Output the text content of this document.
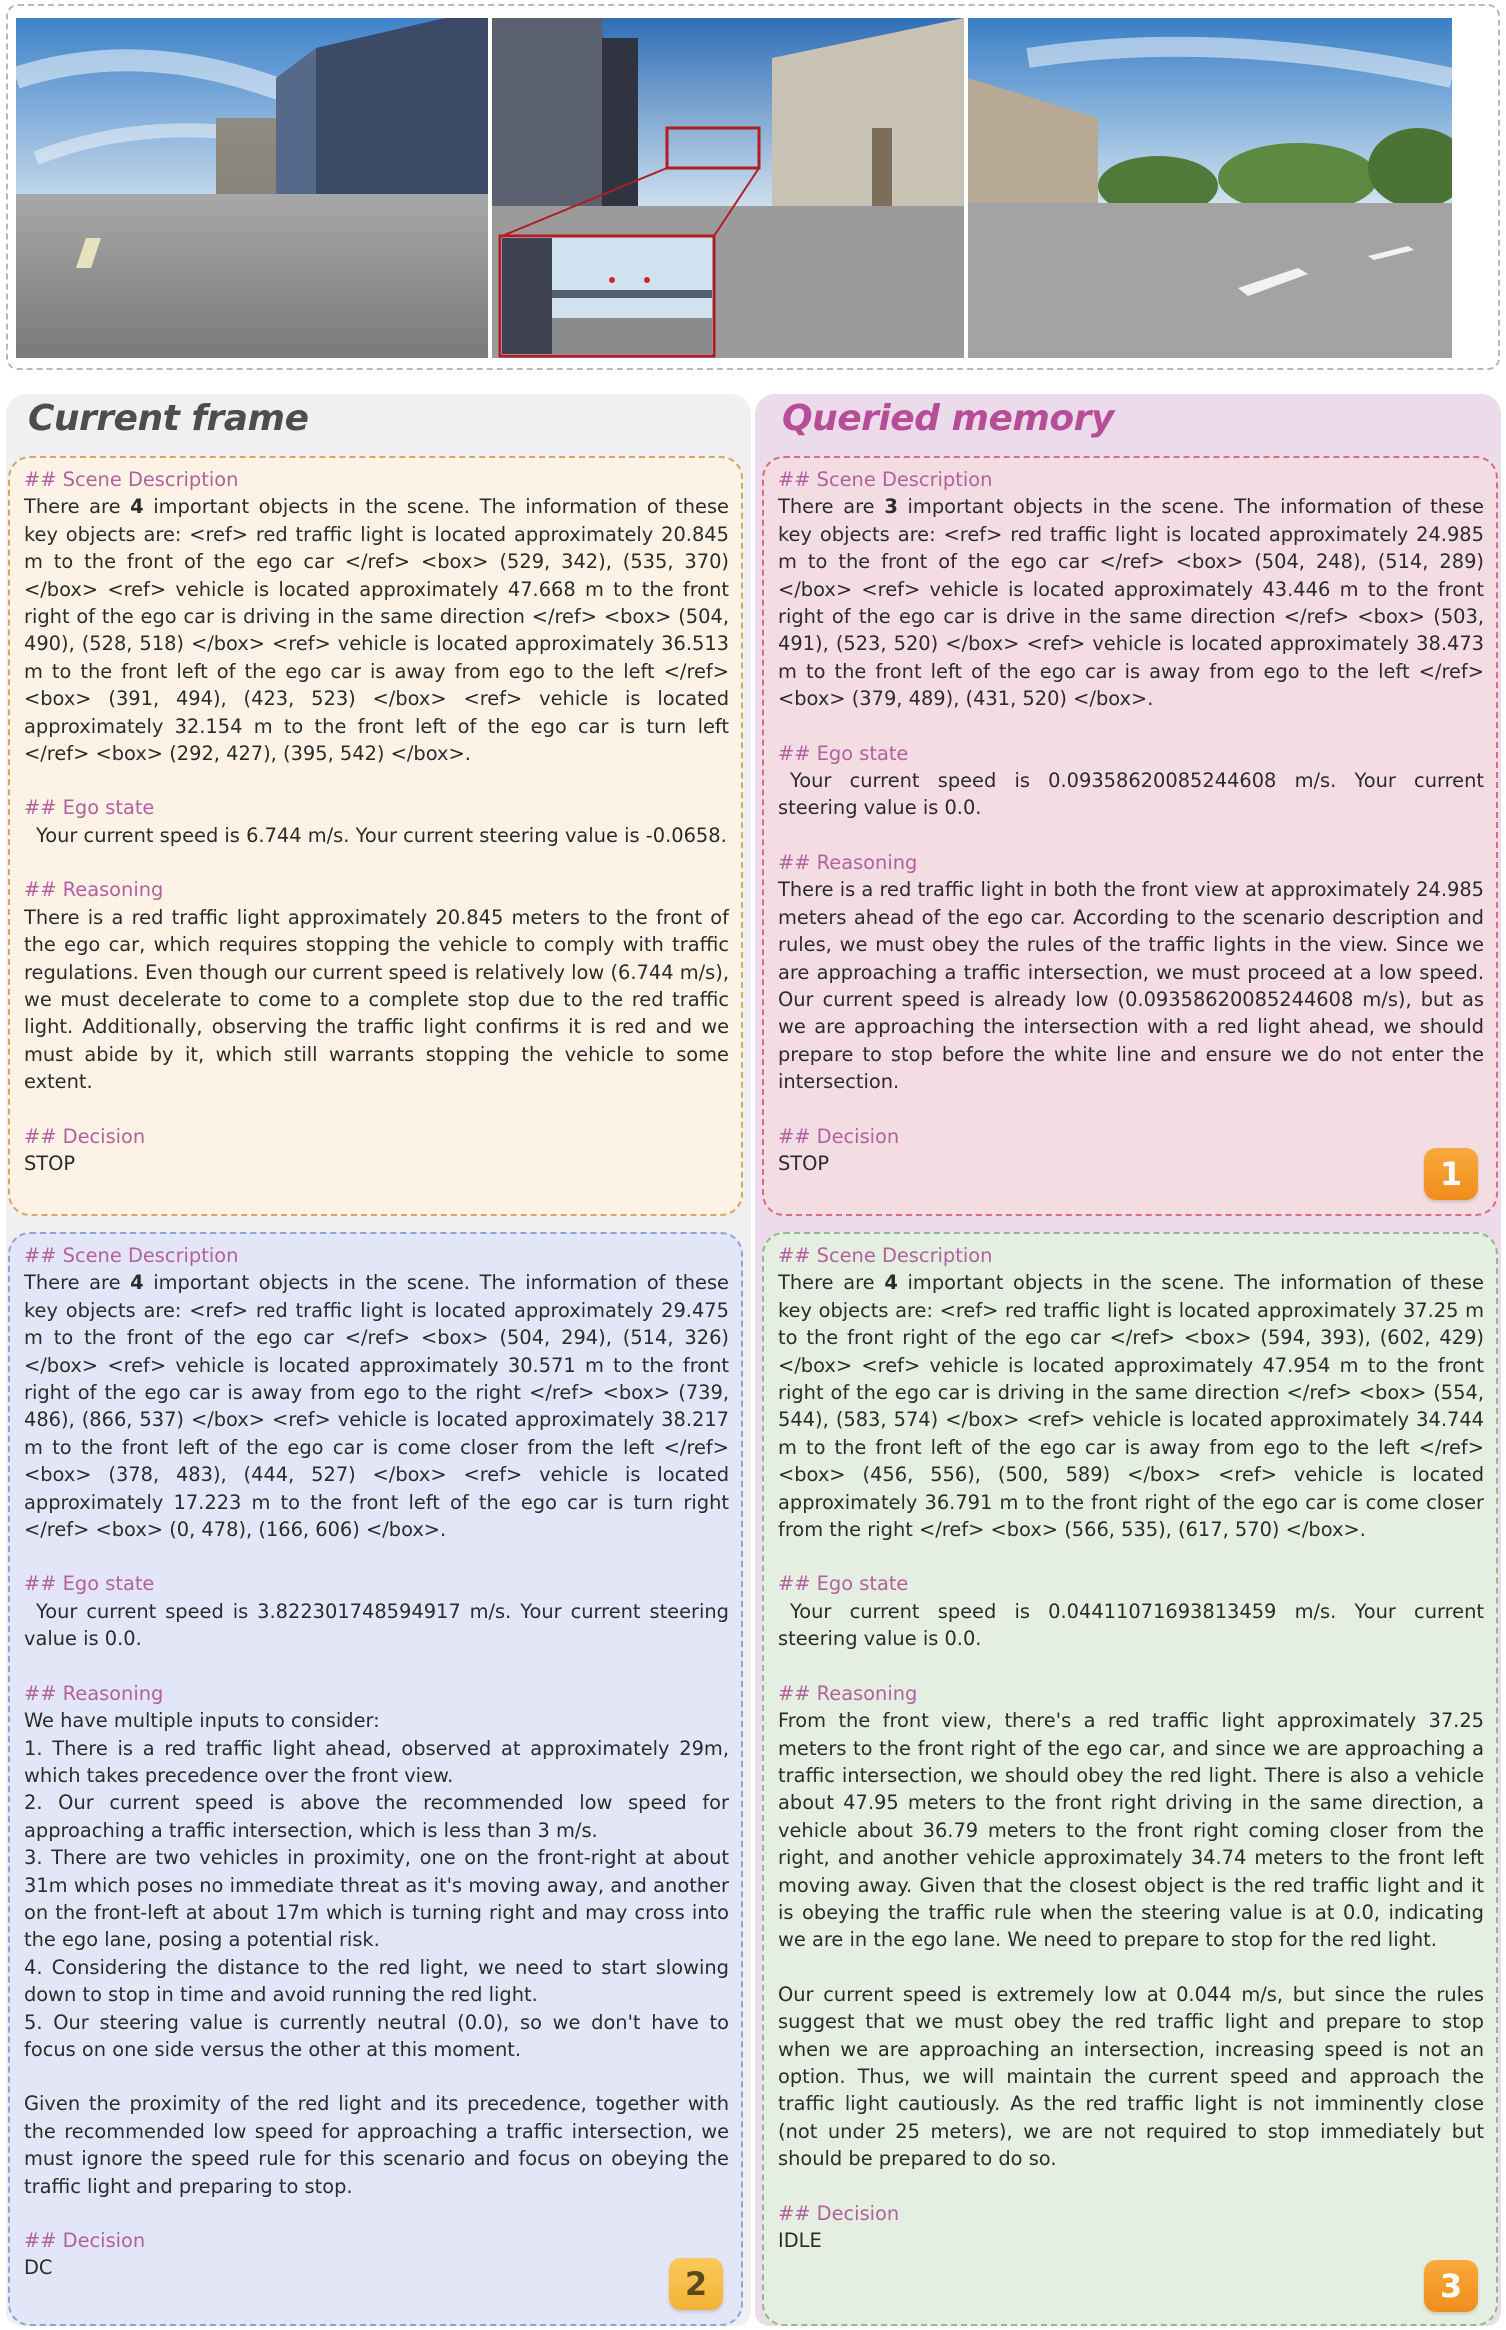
Current frame	Queried memory

## Scene Description

There are 4 important objects in the scene. The information of these key objects are: <ref> red traffic light is located approximately 20.845 m to the front of the ego car </ref> <box> (529, 342), (535, 370) </box> <ref> vehicle is located approximately 47.668 m to the front right of the ego car is driving in the same direction </ref> <box> (504, 490), (528, 518) </box> <ref> vehicle is located approximately 36.513 m to the front left of the ego car is away from ego to the left </ref> <box> (391, 494), (423, 523) </box> <ref> vehicle is located approximately 32.154 m to the front left of the ego car is turn left </ref> <box> (292, 427), (395, 542) </box>.

## Ego state

Your current speed is 6.744 m/s. Your current steering value is -0.0658.

## Reasoning

There is a red traffic light approximately 20.845 meters to the front of the ego car, which requires stopping the vehicle to comply with traffic regulations. Even though our current speed is relatively low (6.744 m/s), we must decelerate to come to a complete stop due to the red traffic light. Additionally, observing the traffic light confirms it is red and we must abide by it, which still warrants stopping the vehicle to some extent.

## Decision

STOP

## Scene Description

There are 3 important objects in the scene. The information of these key objects are: <ref> red traffic light is located approximately 24.985 m to the front of the ego car </ref> <box> (504, 248), (514, 289) </box> <ref> vehicle is located approximately 43.446 m to the front right of the ego car is drive in the same direction </ref> <box> (503, 491), (523, 520) </box> <ref> vehicle is located approximately 38.473 m to the front left of the ego car is away from ego to the left </ref> <box> (379, 489), (431, 520) </box>.

## Ego state

Your current speed is 0.09358620085244608 m/s. Your current steering value is 0.0.

## Reasoning

There is a red traffic light in both the front view at approximately 24.985 meters ahead of the ego car. According to the scenario description and rules, we must obey the rules of the traffic lights in the view. Since we are approaching a traffic intersection, we must proceed at a low speed. Our current speed is already low (0.09358620085244608 m/s), but as we are approaching the intersection with a red light ahead, we should prepare to stop before the white line and ensure we do not enter the intersection.

## Decision

STOP	1

## Scene Description

There are 4 important objects in the scene. The information of these key objects are: <ref> red traffic light is located approximately 29.475 m to the front of the ego car </ref> <box> (504, 294), (514, 326) </box> <ref> vehicle is located approximately 30.571 m to the front right of the ego car is away from ego to the right </ref> <box> (739, 486), (866, 537) </box> <ref> vehicle is located approximately 38.217 m to the front left of the ego car is come closer from the left </ref> <box> (378, 483), (444, 527) </box> <ref> vehicle is located approximately 17.223 m to the front left of the ego car is turn right </ref> <box> (0, 478), (166, 606) </box>.

## Ego state

Your current speed is 3.822301748594917 m/s. Your current steering value is 0.0.

## Reasoning

We have multiple inputs to consider:

1. There is a red traffic light ahead, observed at approximately 29m, which takes precedence over the front view.

2. Our current speed is above the recommended low speed for approaching a traffic intersection, which is less than 3 m/s.

3. There are two vehicles in proximity, one on the front-right at about 31m which poses no immediate threat as it's moving away, and another on the front-left at about 17m which is turning right and may cross into the ego lane, posing a potential risk.

4. Considering the distance to the red light, we need to start slowing down to stop in time and avoid running the red light.

5. Our steering value is currently neutral (0.0), so we don't have to focus on one side versus the other at this moment.

Given the proximity of the red light and its precedence, together with the recommended low speed for approaching a traffic intersection, we must ignore the speed rule for this scenario and focus on obeying the traffic light and preparing to stop.

## Decision

DC	2

## Scene Description

There are 4 important objects in the scene. The information of these key objects are: <ref> red traffic light is located approximately 37.25 m to the front right of the ego car </ref> <box> (594, 393), (602, 429) </box> <ref> vehicle is located approximately 47.954 m to the front right of the ego car is driving in the same direction </ref> <box> (554, 544), (583, 574) </box> <ref> vehicle is located approximately 34.744 m to the front left of the ego car is away from ego to the left </ref> <box> (456, 556), (500, 589) </box> <ref> vehicle is located approximately 36.791 m to the front right of the ego car is come closer from the right </ref> <box> (566, 535), (617, 570) </box>.

## Ego state

Your current speed is 0.04411071693813459 m/s. Your current steering value is 0.0.

## Reasoning

From the front view, there's a red traffic light approximately 37.25 meters to the front right of the ego car, and since we are approaching a traffic intersection, we should obey the red light. There is also a vehicle about 47.95 meters to the front right driving in the same direction, a vehicle about 36.79 meters to the front right coming closer from the right, and another vehicle approximately 34.74 meters to the front left moving away. Given that the closest object is the red traffic light and it is obeying the traffic rule when the steering value is at 0.0, indicating we are in the ego lane. We need to prepare to stop for the red light.

Our current speed is extremely low at 0.044 m/s, but since the rules suggest that we must obey the red traffic light and prepare to stop when we are approaching an intersection, increasing speed is not an option. Thus, we will maintain the current speed and approach the traffic light cautiously. As the red traffic light is not imminently close (not under 25 meters), we are not required to stop immediately but should be prepared to do so.

## Decision

IDLE

3
